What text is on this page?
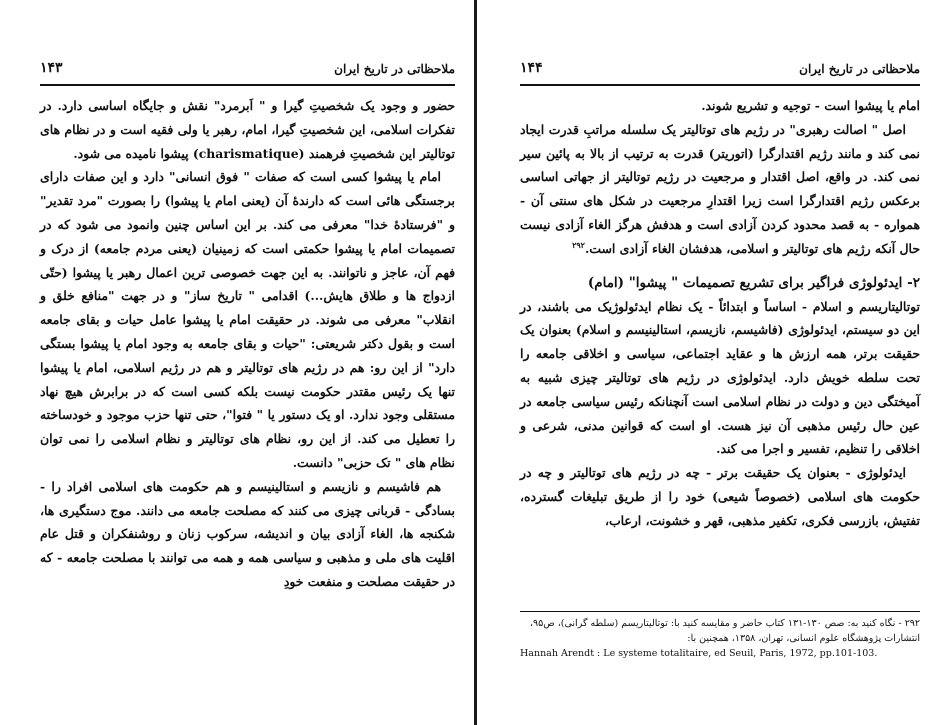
ملاحظاتی در تاریخ ایران
۱۴۳

حضور و وجود یک شخصیتِ گیرا و " اَبرمرد" نقش و جایگاه اساسی دارد. در تفکرات اسلامی، این شخصیتِ گیرا، امام، رهبر یا ولی فقیه است و در نظام های توتالیتر این شخصیتِ فرهمند (charismatique) پیشوا نامیده می شود.

امام یا پیشوا کسی است که صفات " فوق انسانی" دارد و این صفات دارای برجستگی هائی است که دارندهٔ آن (یعنی امام یا پیشوا) را بصورت "مرد تقدیر" و "فرستادهٔ خدا" معرفی می کند. بر این اساس چنین وانمود می شود که در تصمیمات امام یا پیشوا حکمتی است که زمینیان (یعنی مردم جامعه) از درک و فهم آن، عاجز و ناتوانند. به این جهت خصوصی ترین اعمال رهبر یا پیشوا (حتّی ازدواج ها و طلاق هایش...) اقدامی " تاریخ ساز" و در جهت "منافع خلق و انقلاب" معرفی می شوند. در حقیقت امام یا پیشوا عامل حیات و بقای جامعه است و بقول دکتر شریعتی: "حیات و بقای جامعه به وجود امام یا پیشوا بستگی دارد" از این رو: هم در رژیم های توتالیتر و هم در رژیم اسلامی، امام یا پیشوا تنها یک رئیس مقتدر حکومت نیست بلکه کسی است که در برابرش هیچ نهاد مستقلی وجود ندارد. او یک دستور یا " فتوا"، حتی تنها حزب موجود و خودساخته را تعطیل می کند. از این رو، نظام های توتالیتر و نظام اسلامی را نمی توان نظام های " تک حزبی" دانست.

هم فاشیسم و نازیسم و استالینیسم و هم حکومت های اسلامی افراد را - بسادگی - قربانی چیزی می کنند که مصلحت جامعه می دانند. موج دستگیری ها، شکنجه ها، الغاء آزادی بیان و اندیشه، سرکوب زنان و روشنفکران و قتل عام اقلیت های ملی و مذهبی و سیاسی همه و همه می توانند با مصلحت جامعه - که در حقیقت مصلحت و منفعت خودِ

ملاحظاتی در تاریخ ایران
۱۴۴

امام یا پیشوا است - توجیه و تشریع شوند.

اصل " اصالت رهبری" در رژیم های توتالیتر یک سلسله مراتبِ قدرت ایجاد نمی کند و مانند رژیم اقتدارگرا (اتوریتر) قدرت به ترتیب از بالا به پائین سیر نمی کند. در واقع، اصل اقتدار و مرجعیت در رژیم توتالیتر از جهاتی اساسی برعکس رژیم اقتدارگرا است زیرا اقتدارِ مرجعیت در شکل های سنتی آن - همواره - به قصد محدود کردن آزادی است و هدفش هرگز الغاء آزادی نیست حال آنکه رژیم های توتالیتر و اسلامی، هدفشان الغاء آزادی است.$^{۲۹۲}$

۲- ایدئولوژی فراگیر برای تشریع تصمیمات " پیشوا" (امام)

توتالیتاریسم و اسلام - اساساً و ابتدائاً - یک نظام ایدئولوژیک می باشند، در این دو سیستم، ایدئولوژی (فاشیسم، نازیسم، استالینیسم و اسلام) بعنوان یک حقیقت برتر، همه ارزش ها و عقاید اجتماعی، سیاسی و اخلاقی جامعه را تحت سلطه خویش دارد. ایدئولوژی در رژیم های توتالیتر چیزی شبیه به آمیختگی دین و دولت در نظام اسلامی است آنچنانکه رئیس سیاسی جامعه در عین حال رئیس مذهبی آن نیز هست. او است که قوانین مدنی، شرعی و اخلاقی را تنظیم، تفسیر و اجرا می کند.

ایدئولوژی - بعنوان یک حقیقت برتر - چه در رژیم های توتالیتر و چه در حکومت های اسلامی (خصوصاً شیعی) خود را از طریق تبلیغات گسترده، تفتیش، بازرسی فکری، تکفیر مذهبی، قهر و خشونت، ارعاب،

۲۹۲ - نگاه کنید به: صص ۱۳۰-۱۳۱ کتاب حاضر و مقایسه کنید با: توتالیتاریسم (سلطه گرانی)، ص۹۵، انتشارات پژوهشگاه علوم انسانی، تهران، ۱۳۵۸، همچنین با:
Hannah Arendt : Le systeme totalitaire, ed Seuil, Paris, 1972, pp.101-103.
